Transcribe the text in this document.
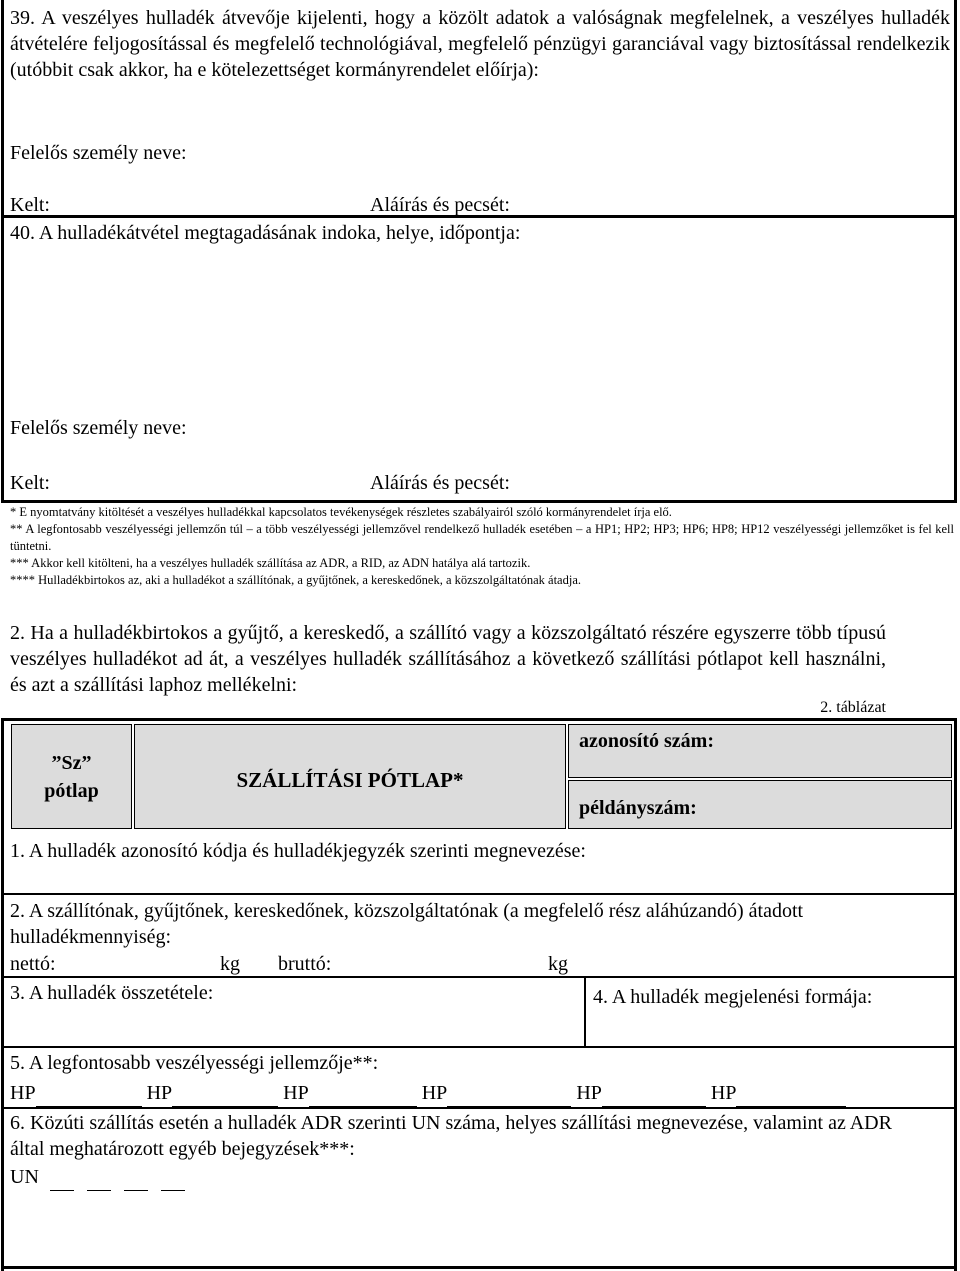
39. A veszélyes hulladék átvevője kijelenti, hogy a közölt adatok a valóságnak megfelelnek, a veszélyes hulladék átvételére feljogosítással és megfelelő technológiával, megfelelő pénzügyi garanciával vagy biztosítással rendelkezik (utóbbit csak akkor, ha e kötelezettséget kormányrendelet előírja):
Felelős személy neve:
Kelt:	Aláírás és pecsét:
40. A hulladékátvétel megtagadásának indoka, helye, időpontja:
Felelős személy neve:
Kelt:	Aláírás és pecsét:
* E nyomtatvány kitöltését a veszélyes hulladékkal kapcsolatos tevékenységek részletes szabályairól szóló kormányrendelet írja elő.
** A legfontosabb veszélyességi jellemzőn túl – a több veszélyességi jellemzővel rendelkező hulladék esetében – a HP1; HP2; HP3; HP6; HP8; HP12 veszélyességi jellemzőket is fel kell tüntetni.
*** Akkor kell kitölteni, ha a veszélyes hulladék szállítása az ADR, a RID, az ADN hatálya alá tartozik.
**** Hulladékbirtokos az, aki a hulladékot a szállítónak, a gyűjtőnek, a kereskedőnek, a közszolgáltatónak átadja.
2. Ha a hulladékbirtokos a gyűjtő, a kereskedő, a szállító vagy a közszolgáltató részére egyszerre több típusú veszélyes hulladékot ad át, a veszélyes hulladék szállításához a következő szállítási pótlapot kell használni, és azt a szállítási laphoz mellékelni:
2. táblázat
”Sz”
pótlap	SZÁLLÍTÁSI PÓTLAP*
azonosító szám:
példányszám:
1. A hulladék azonosító kódja és hulladékjegyzék szerinti megnevezése:
2. A szállítónak, gyűjtőnek, kereskedőnek, közszolgáltatónak (a megfelelő rész aláhúzandó) átadott hulladékmennyiség:
nettó:	kg bruttó:	kg
3. A hulladék összetétele:	4. A hulladék megjelenési formája:
5. A legfontosabb veszélyességi jellemzője**:
HP	HP	HP	HP	HP	HP
6. Közúti szállítás esetén a hulladék ADR szerinti UN száma, helyes szállítási megnevezése, valamint az ADR által meghatározott egyéb bejegyzések***:
UN
